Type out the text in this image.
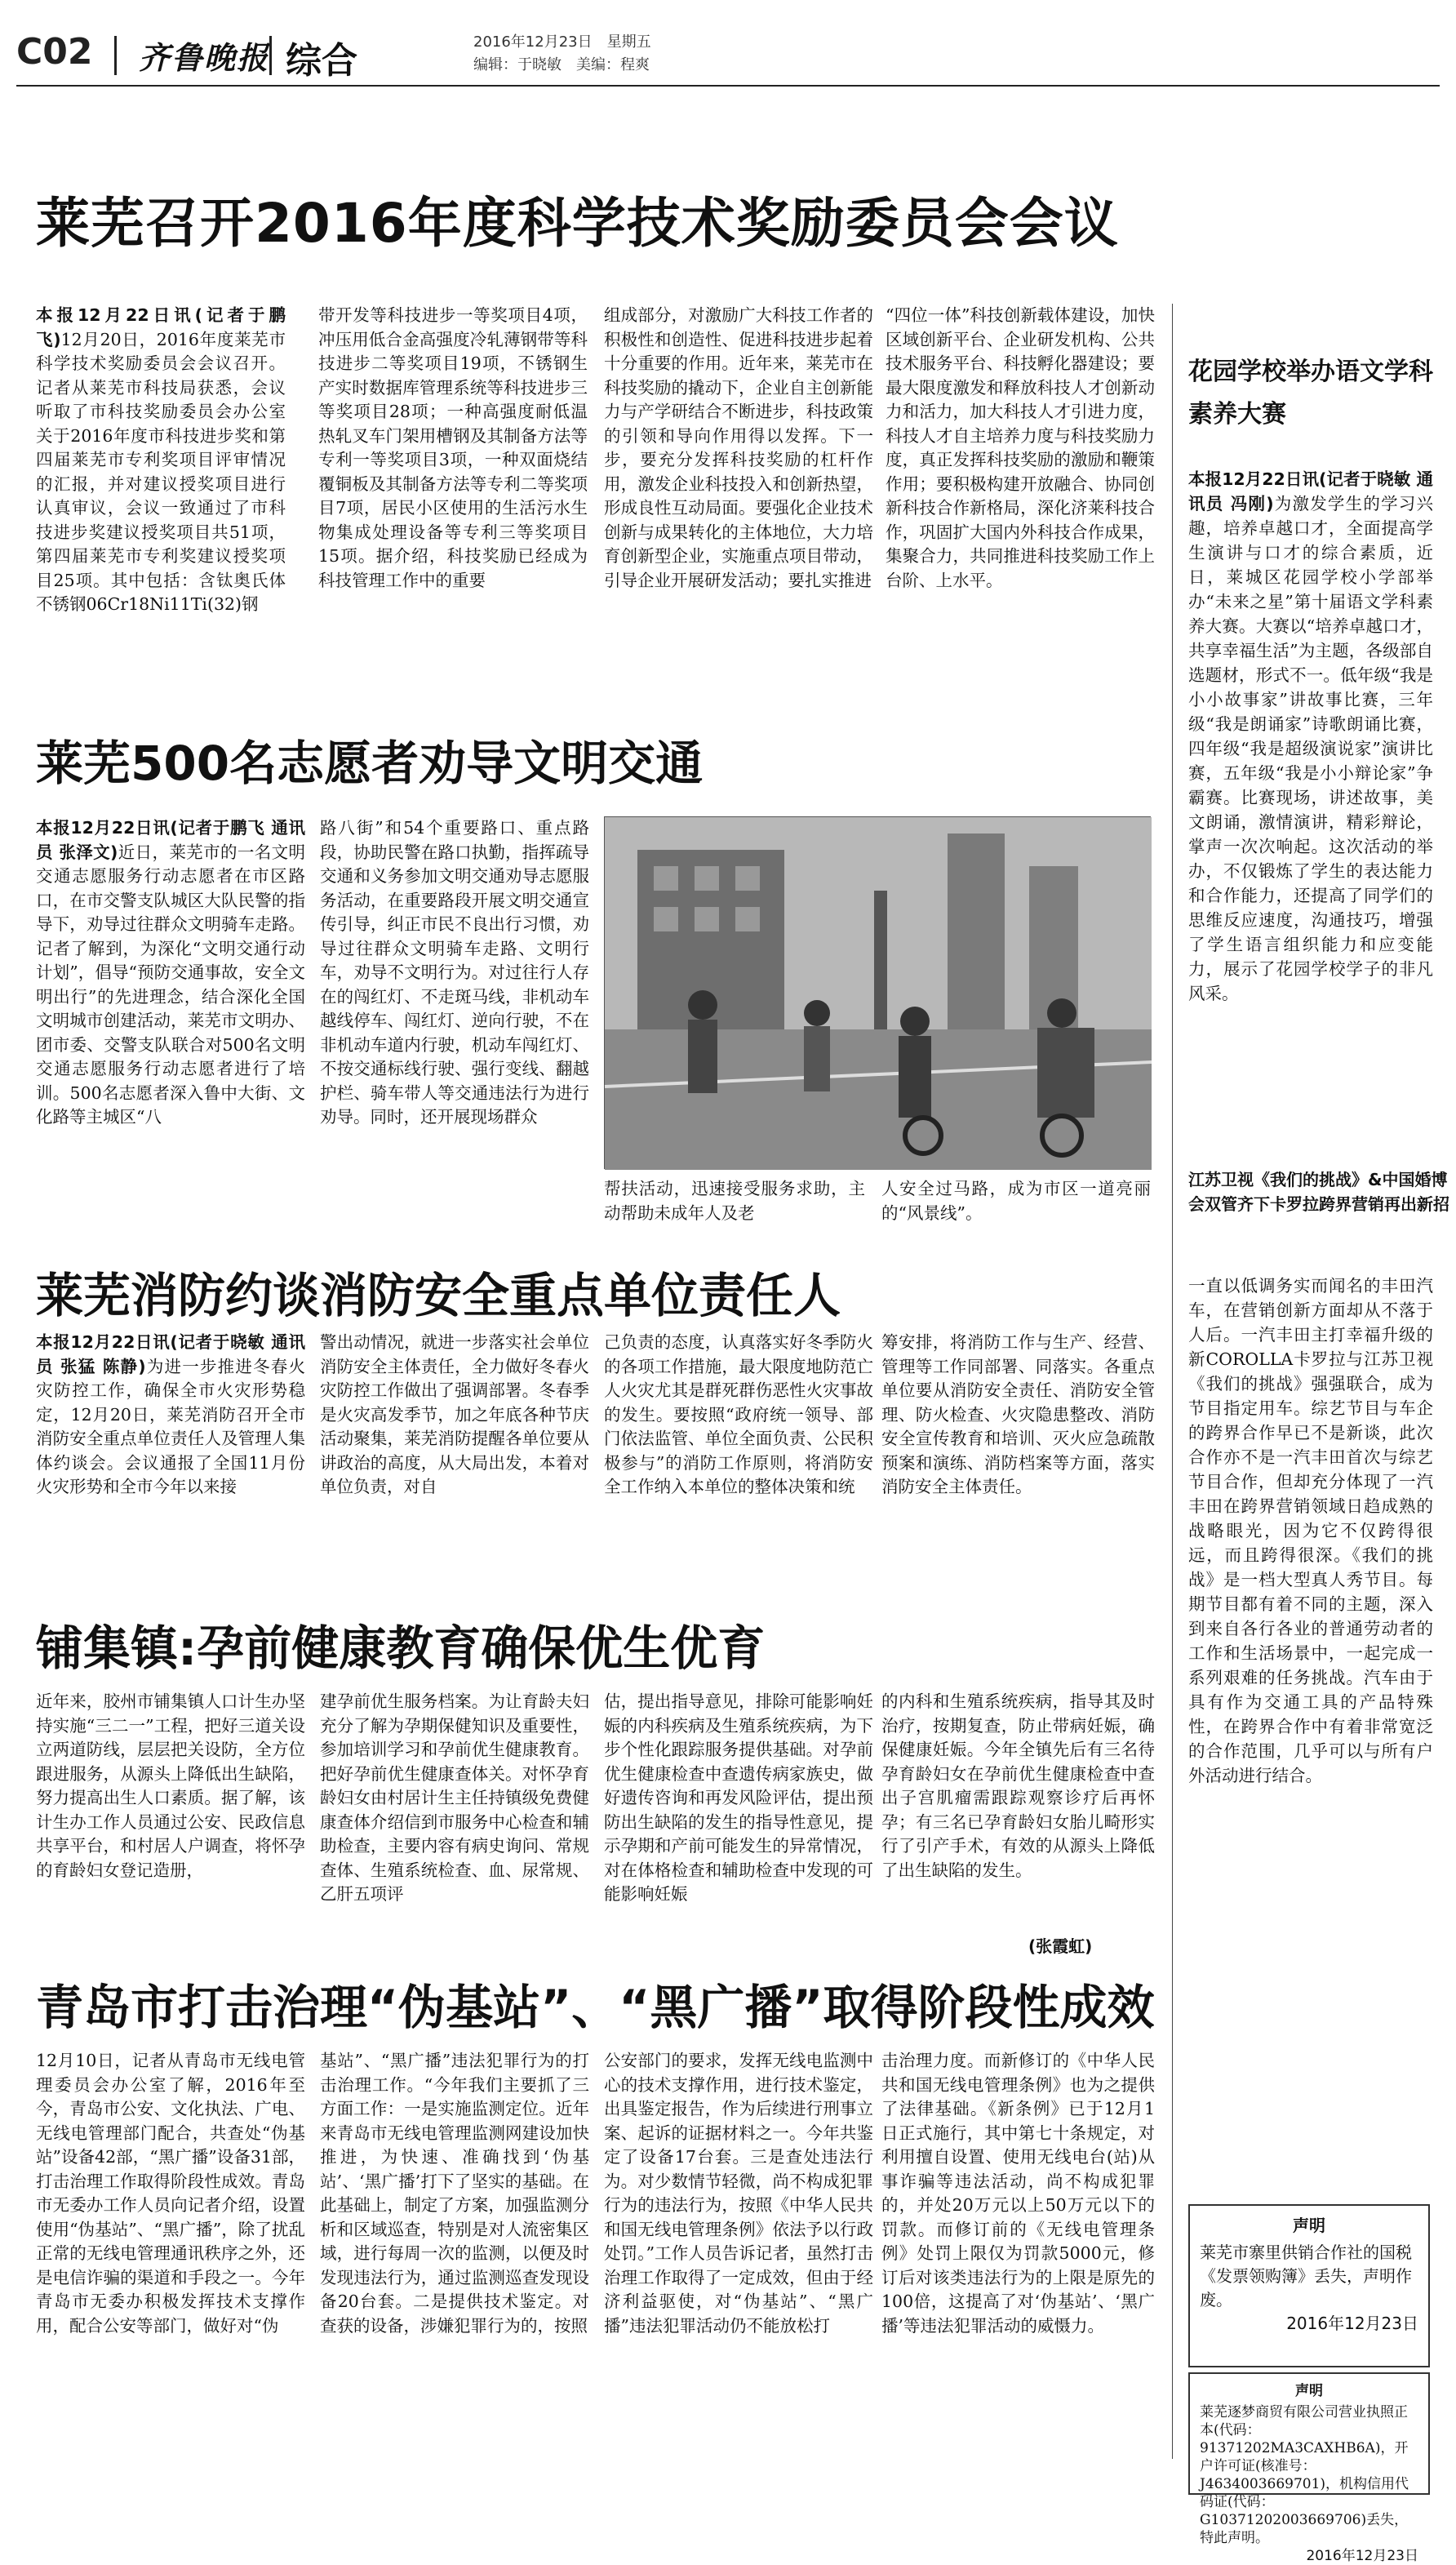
C02 齐鲁晚报 综合	2016年12月23日　星期五
编辑：于晓敏　美编：程爽
莱芜召开2016年度科学技术奖励委员会会议
本报12月22日讯(记者于鹏飞)12月20日，2016年度莱芜市科学技术奖励委员会会议召开。记者从莱芜市科技局获悉，会议听取了市科技奖励委员会办公室关于2016年度市科技进步奖和第四届莱芜市专利奖项目评审情况的汇报，并对建议授奖项目进行认真审议，会议一致通过了市科技进步奖建议授奖项目共51项，第四届莱芜市专利奖建议授奖项目25项。其中包括：含钛奥氏体不锈钢06Cr18Ni11Ti(32)钢
带开发等科技进步一等奖项目4项，冲压用低合金高强度冷轧薄钢带等科技进步二等奖项目19项，不锈钢生产实时数据库管理系统等科技进步三等奖项目28项；一种高强度耐低温热轧叉车门架用槽钢及其制备方法等专利一等奖项目3项，一种双面烧结覆铜板及其制备方法等专利二等奖项目7项，居民小区使用的生活污水生物集成处理设备等专利三等奖项目15项。据介绍，科技奖励已经成为科技管理工作中的重要
组成部分，对激励广大科技工作者的积极性和创造性、促进科技进步起着十分重要的作用。近年来，莱芜市在科技奖励的撬动下，企业自主创新能力与产学研结合不断进步，科技政策的引领和导向作用得以发挥。下一步，要充分发挥科技奖励的杠杆作用，激发企业科技投入和创新热望，形成良性互动局面。要强化企业技术创新与成果转化的主体地位，大力培育创新型企业，实施重点项目带动，引导企业开展研发活动；要扎实推进
“四位一体”科技创新载体建设，加快区域创新平台、企业研发机构、公共技术服务平台、科技孵化器建设；要最大限度激发和释放科技人才创新动力和活力，加大科技人才引进力度，科技人才自主培养力度与科技奖励力度，真正发挥科技奖励的激励和鞭策作用；要积极构建开放融合、协同创新科技合作新格局，深化济莱科技合作，巩固扩大国内外科技合作成果，集聚合力，共同推进科技奖励工作上台阶、上水平。
莱芜500名志愿者劝导文明交通
本报12月22日讯(记者于鹏飞 通讯员 张泽文)近日，莱芜市的一名文明交通志愿服务行动志愿者在市区路口，在市交警支队城区大队民警的指导下，劝导过往群众文明骑车走路。记者了解到，为深化“文明交通行动计划”，倡导“预防交通事故，安全文明出行”的先进理念，结合深化全国文明城市创建活动，莱芜市文明办、团市委、交警支队联合对500名文明交通志愿服务行动志愿者进行了培训。500名志愿者深入鲁中大街、文化路等主城区“八
路八街”和54个重要路口、重点路段，协助民警在路口执勤，指挥疏导交通和义务参加文明交通劝导志愿服务活动，在重要路段开展文明交通宣传引导，纠正市民不良出行习惯，劝导过往群众文明骑车走路、文明行车，劝导不文明行为。对过往行人存在的闯红灯、不走斑马线，非机动车越线停车、闯红灯、逆向行驶，不在非机动车道内行驶，机动车闯红灯、不按交通标线行驶、强行变线、翻越护栏、骑车带人等交通违法行为进行劝导。同时，还开展现场群众
帮扶活动，迅速接受服务求助，主动帮助未成年人及老
人安全过马路，成为市区一道亮丽的“风景线”。
莱芜消防约谈消防安全重点单位责任人
本报12月22日讯(记者于晓敏 通讯员 张猛 陈静)为进一步推进冬春火灾防控工作，确保全市火灾形势稳定，12月20日，莱芜消防召开全市消防安全重点单位责任人及管理人集体约谈会。会议通报了全国11月份火灾形势和全市今年以来接
警出动情况，就进一步落实社会单位消防安全主体责任，全力做好冬春火灾防控工作做出了强调部署。冬春季是火灾高发季节，加之年底各种节庆活动聚集，莱芜消防提醒各单位要从讲政治的高度，从大局出发，本着对单位负责，对自
己负责的态度，认真落实好冬季防火的各项工作措施，最大限度地防范亡人火灾尤其是群死群伤恶性火灾事故的发生。要按照“政府统一领导、部门依法监管、单位全面负责、公民积极参与”的消防工作原则，将消防安全工作纳入本单位的整体决策和统
筹安排，将消防工作与生产、经营、管理等工作同部署、同落实。各重点单位要从消防安全责任、消防安全管理、防火检查、火灾隐患整改、消防安全宣传教育和培训、灭火应急疏散预案和演练、消防档案等方面，落实消防安全主体责任。
铺集镇:孕前健康教育确保优生优育
近年来，胶州市铺集镇人口计生办坚持实施“三二一”工程，把好三道关设立两道防线，层层把关设防，全方位跟进服务，从源头上降低出生缺陷，努力提高出生人口素质。据了解，该计生办工作人员通过公安、民政信息共享平台，和村居人户调查，将怀孕的育龄妇女登记造册，
建孕前优生服务档案。为让育龄夫妇充分了解为孕期保健知识及重要性，参加培训学习和孕前优生健康教育。把好孕前优生健康查体关。对怀孕育龄妇女由村居计生主任持镇级免费健康查体介绍信到市服务中心检查和辅助检查，主要内容有病史询问、常规查体、生殖系统检查、血、尿常规、乙肝五项评
估，提出指导意见，排除可能影响妊娠的内科疾病及生殖系统疾病，为下步个性化跟踪服务提供基础。对孕前优生健康检查中查遗传病家族史，做好遗传咨询和再发风险评估，提出预防出生缺陷的发生的指导性意见，提示孕期和产前可能发生的异常情况，对在体格检查和辅助检查中发现的可能影响妊娠
的内科和生殖系统疾病，指导其及时治疗，按期复查，防止带病妊娠，确保健康妊娠。今年全镇先后有三名待孕育龄妇女在孕前优生健康检查中查出子宫肌瘤需跟踪观察诊疗后再怀孕；有三名已孕育龄妇女胎儿畸形实行了引产手术，有效的从源头上降低了出生缺陷的发生。
(张霞虹)
青岛市打击治理“伪基站”、“黑广播”取得阶段性成效
12月10日，记者从青岛市无线电管理委员会办公室了解，2016年至今，青岛市公安、文化执法、广电、无线电管理部门配合，共查处“伪基站”设备42部，“黑广播”设备31部，打击治理工作取得阶段性成效。青岛市无委办工作人员向记者介绍，设置使用“伪基站”、“黑广播”，除了扰乱正常的无线电管理通讯秩序之外，还是电信诈骗的渠道和手段之一。今年青岛市无委办积极发挥技术支撑作用，配合公安等部门，做好对“伪
基站”、“黑广播”违法犯罪行为的打击治理工作。“今年我们主要抓了三方面工作：一是实施监测定位。近年来青岛市无线电管理监测网建设加快推进，为快速、准确找到‘伪基站’、‘黑广播’打下了坚实的基础。在此基础上，制定了方案，加强监测分析和区域巡查，特别是对人流密集区域，进行每周一次的监测，以便及时发现违法行为，通过监测巡查发现设备20台套。二是提供技术鉴定。对查获的设备，涉嫌犯罪行为的，按照
公安部门的要求，发挥无线电监测中心的技术支撑作用，进行技术鉴定，出具鉴定报告，作为后续进行刑事立案、起诉的证据材料之一。今年共鉴定了设备17台套。三是查处违法行为。对少数情节轻微，尚不构成犯罪行为的违法行为，按照《中华人民共和国无线电管理条例》依法予以行政处罚。”工作人员告诉记者，虽然打击治理工作取得了一定成效，但由于经济利益驱使，对“伪基站”、“黑广播”违法犯罪活动仍不能放松打
击治理力度。而新修订的《中华人民共和国无线电管理条例》也为之提供了法律基础。《新条例》已于12月1日正式施行，其中第七十条规定，对利用擅自设置、使用无线电台(站)从事诈骗等违法活动，尚不构成犯罪的，并处20万元以上50万元以下的罚款。而修订前的《无线电管理条例》处罚上限仅为罚款5000元，修订后对该类违法行为的上限是原先的100倍，这提高了对‘伪基站’、‘黑广播’等违法犯罪活动的威慑力。
花园学校举办语文学科素养大赛
本报12月22日讯(记者于晓敏 通讯员 冯刚)为激发学生的学习兴趣，培养卓越口才，全面提高学生演讲与口才的综合素质，近日，莱城区花园学校小学部举办“未来之星”第十届语文学科素养大赛。大赛以“培养卓越口才，共享幸福生活”为主题，各级部自选题材，形式不一。低年级“我是小小故事家”讲故事比赛，三年级“我是朗诵家”诗歌朗诵比赛，四年级“我是超级演说家”演讲比赛，五年级“我是小小辩论家”争霸赛。比赛现场，讲述故事，美文朗诵，激情演讲，精彩辩论，掌声一次次响起。这次活动的举办，不仅锻炼了学生的表达能力和合作能力，还提高了同学们的思维反应速度，沟通技巧，增强了学生语言组织能力和应变能力，展示了花园学校学子的非凡风采。
江苏卫视《我们的挑战》&中国婚博会双管齐下卡罗拉跨界营销再出新招
一直以低调务实而闻名的丰田汽车，在营销创新方面却从不落于人后。一汽丰田主打幸福升级的新COROLLA卡罗拉与江苏卫视《我们的挑战》强强联合，成为节目指定用车。综艺节目与车企的跨界合作早已不是新谈，此次合作亦不是一汽丰田首次与综艺节目合作，但却充分体现了一汽丰田在跨界营销领域日趋成熟的战略眼光，因为它不仅跨得很远，而且跨得很深。《我们的挑战》是一档大型真人秀节目。每期节目都有着不同的主题，深入到来自各行各业的普通劳动者的工作和生活场景中，一起完成一系列艰难的任务挑战。汽车由于具有作为交通工具的产品特殊性，在跨界合作中有着非常宽泛的合作范围，几乎可以与所有户外活动进行结合。
声明
莱芜市寨里供销合作社的国税《发票领购簿》丢失，声明作废。
2016年12月23日
声明
莱芜逐梦商贸有限公司营业执照正本(代码：91371202MA3CAXHB6A)，开户许可证(核准号：J4634003669701)，机构信用代码证(代码：G10371202003669706)丢失，特此声明。
2016年12月23日
